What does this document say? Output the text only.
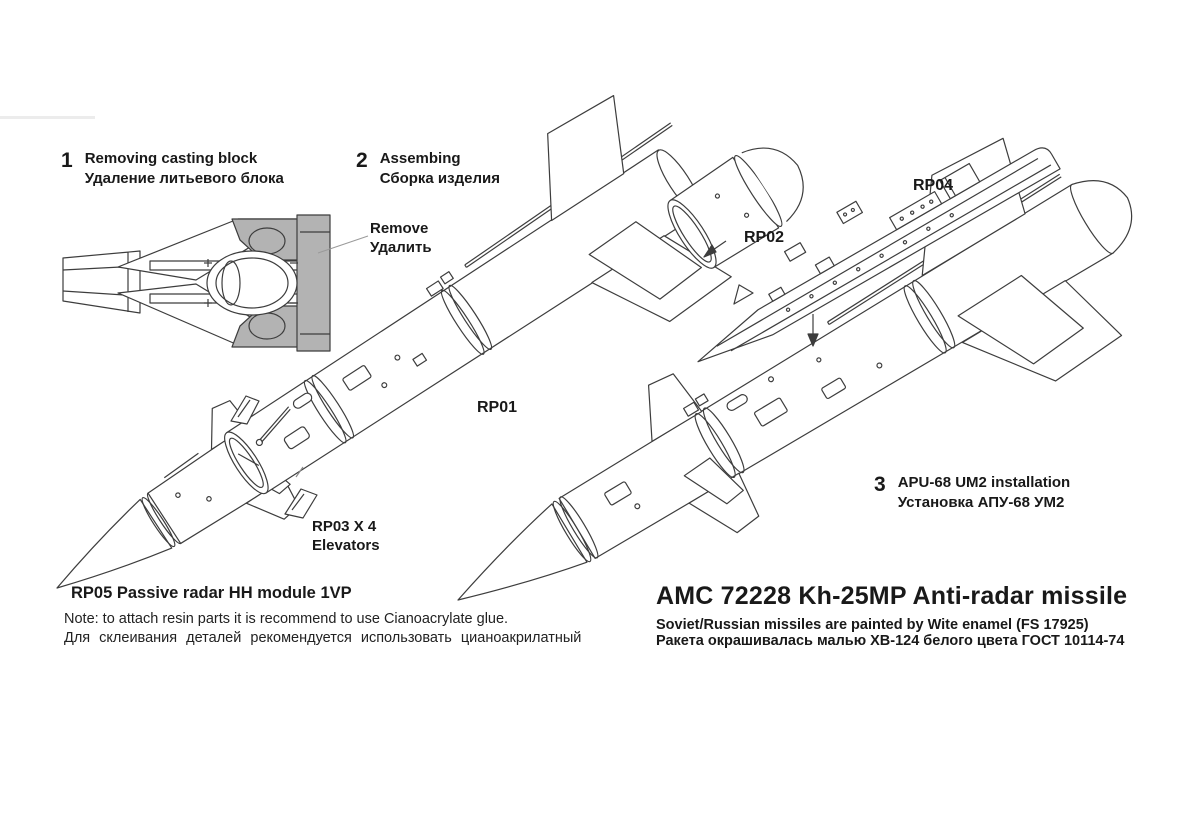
1 Removing casting block
Удаление литьевого блока
2 Assembing
Сборка изделия
Remove
Удалить
RP04
RP02
RP01
RP03 X 4
Elevators
3 APU-68 UM2 installation
Установка АПУ-68 УМ2
RP05 Passive radar HH module 1VP
Note: to attach resin parts it is recommend to use Cianoacrylate glue.
Для склеивания деталей рекомендуется использовать цианоакрилатный
AMC 72228 Kh-25MP Anti-radar missile
Soviet/Russian missiles are painted by Wite enamel (FS 17925)
Ракета окрашивалась малью ХВ-124 белого цвета ГОСТ 10114-74
